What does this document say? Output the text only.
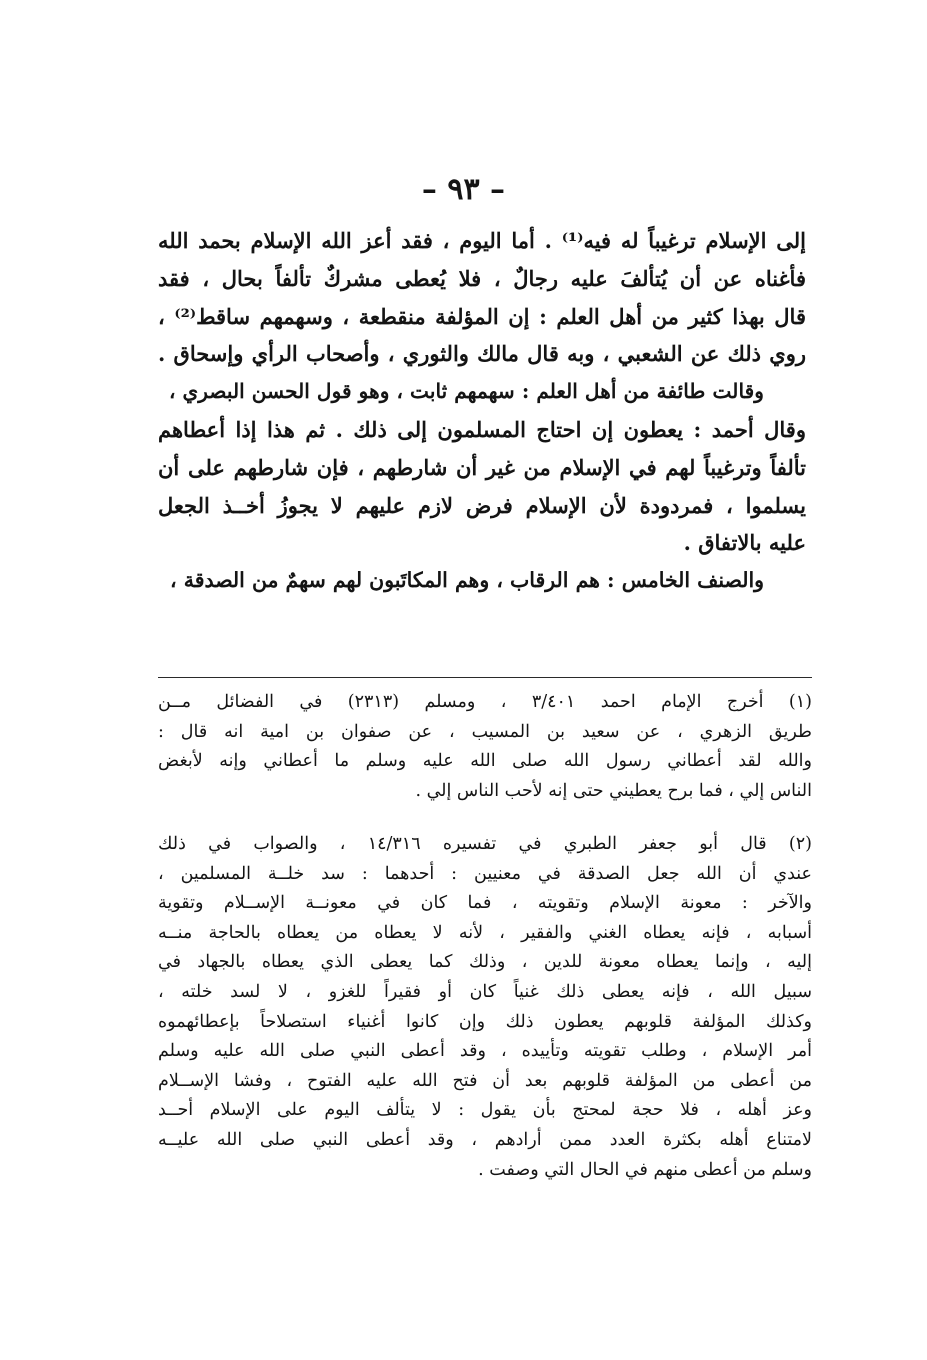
– ٩٣ –
إلى الإسلام ترغيباً له فيه⁽¹⁾ . أما اليوم ، فقد أعز الله الإسلام بحمد الله
فأغناه عن أن يُتألفَ عليه رجالٌ ، فلا يُعطى مشركٌ تألفاً بحال ، فقد
قال بهذا كثير من أهل العلم : إن المؤلفة منقطعة ، وسهمهم ساقط⁽²⁾ ،
روي ذلك عن الشعبي ، وبه قال مالك والثوري ، وأصحاب الرأي وإسحاق .
وقالت طائفة من أهل العلم : سهمهم ثابت ، وهو قول الحسن البصري ،
وقال أحمد : يعطون إن احتاج المسلمون إلى ذلك . ثم هذا إذا أعطاهم
تألفاً وترغيباً لهم في الإسلام من غير أن شارطهم ، فإن شارطهم على أن
يسلموا ، فمردودة لأن الإسلام فرض لازم عليهم لا يجوزُ أخــذ الجعل
عليه بالاتفاق .
والصنف الخامس : هم الرقاب ، وهم المكاتَبون لهم سهمٌ من الصدقة ،
(١) أخرج الإمام احمد ٣/٤٠١ ، ومسلم (٢٣١٣) في الفضائل مــن
طريق الزهري ، عن سعيد بن المسيب ، عن صفوان بن امية انه قال :
والله لقد أعطاني رسول الله صلى الله عليه وسلم ما أعطاني وإنه لأبغض
الناس إلي ، فما برح يعطيني حتى إنه لأحب الناس إلي .
(٢) قال أبو جعفر الطبري في تفسيره ١٤/٣١٦ ، والصواب في ذلك
عندي أن الله جعل الصدقة في معنيين : أحدهما : سد خلــة المسلمين ،
والآخر : معونة الإسلام وتقويته ، فما كان في معونــة الإســلام وتقوية
أسبابه ، فإنه يعطاه الغني والفقير ، لأنه لا يعطاه من يعطاه بالحاجة منــه
إليه ، وإنما يعطاه معونة للدين ، وذلك كما يعطى الذي يعطاه بالجهاد في
سبيل الله ، فإنه يعطى ذلك غنياً كان أو فقيراً للغزو ، لا لسد خلته ،
وكذلك المؤلفة قلوبهم يعطون ذلك وإن كانوا أغنياء استصلاحاً بإعطائهموه
أمر الإسلام ، وطلب تقويته وتأييده ، وقد أعطى النبي صلى الله عليه وسلم
من أعطى من المؤلفة قلوبهم بعد أن فتح الله عليه الفتوح ، وفشا الإســلام
وعز أهله ، فلا حجة لمحتج بأن يقول : لا يتألف اليوم على الإسلام أحــد
لامتناع أهله بكثرة العدد ممن أرادهم ، وقد أعطى النبي صلى الله عليــه
وسلم من أعطى منهم في الحال التي وصفت .
